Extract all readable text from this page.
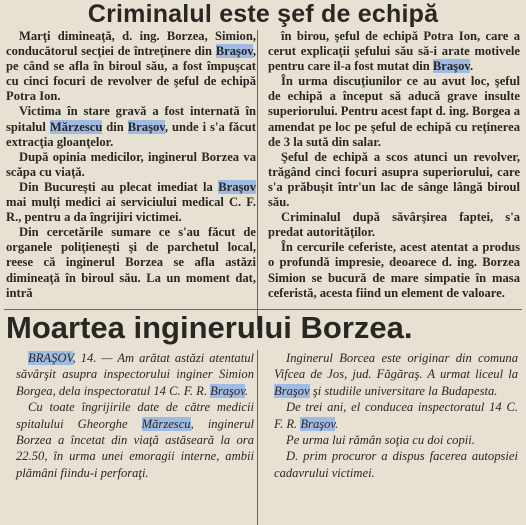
Criminalul este şef de echipă

Marţi dimineaţă, d. ing. Borzea, Simion, conducătorul secţiei de întreţinere din Braşov, pe când se afla în biroul său, a fost împuşcat cu cinci focuri de revolver de şeful de echipă Potra Ion.

Victima în stare gravă a fost internată în spitalul Mărzescu din Braşov, unde i s'a făcut extracţia gloanţelor.

După opinia medicilor, inginerul Borzea va scăpa cu viaţă.

Din Bucureşti au plecat imediat la Braşov mai mulţi medici ai serviciului medical C. F. R., pentru a da îngrijiri victimei.

Din cercetările sumare ce s'au făcut de organele poliţieneşti şi de parchetul local, reese că inginerul Borzea se afla astăzi dimineaţă în biroul său. La un moment dat, intră

în birou, şeful de echipă Potra Ion, care a cerut explicaţii şefului său să-i arate motivele pentru care il-a fost mutat din Braşov.

În urma discuţiunilor ce au avut loc, şeful de echipă a început să aducă grave insulte superiorului. Pentru acest fapt d. ing. Borgea a amendat pe loc pe şeful de echipă cu reţinerea de 3 la sută din salar.

Şeful de echipă a scos atunci un revolver, trăgând cinci focuri asupra superiorului, care s'a prăbuşit într'un lac de sânge lângă biroul său.

Criminalul după săvârşirea faptei, s'a predat autorităţilor.

În cercurile ceferiste, acest atentat a produs o profundă impresie, deoarece d. ing. Borzea Simion se bucură de mare simpatie în masa ceferistă, acesta fiind un element de valoare.

Moartea inginerului Borzea.

BRAŞOV, 14. — Am arătat astăzi atentatul săvârşit asupra inspectorului inginer Simion Borgea, dela inspectoratul 14 C. F. R. Braşov.

Cu toate îngrijirile date de către medicii spitalului Gheorghe Mărzescu, inginerul Borzea a încetat din viaţă astăseară la ora 22.50, în urma unei emoragii interne, ambii plămâni fiindu-i perforaţi.

Inginerul Borcea este originar din comuna Vifcea de Jos, jud. Făgăraş. A urmat liceul la Braşov şi studiile universitare la Budapesta.

De trei ani, el conducea inspectoratul 14 C. F. R. Braşov.

Pe urma lui rămân soţia cu doi copii.

D. prim procuror a dispus facerea autopsiei cadavrului victimei.
